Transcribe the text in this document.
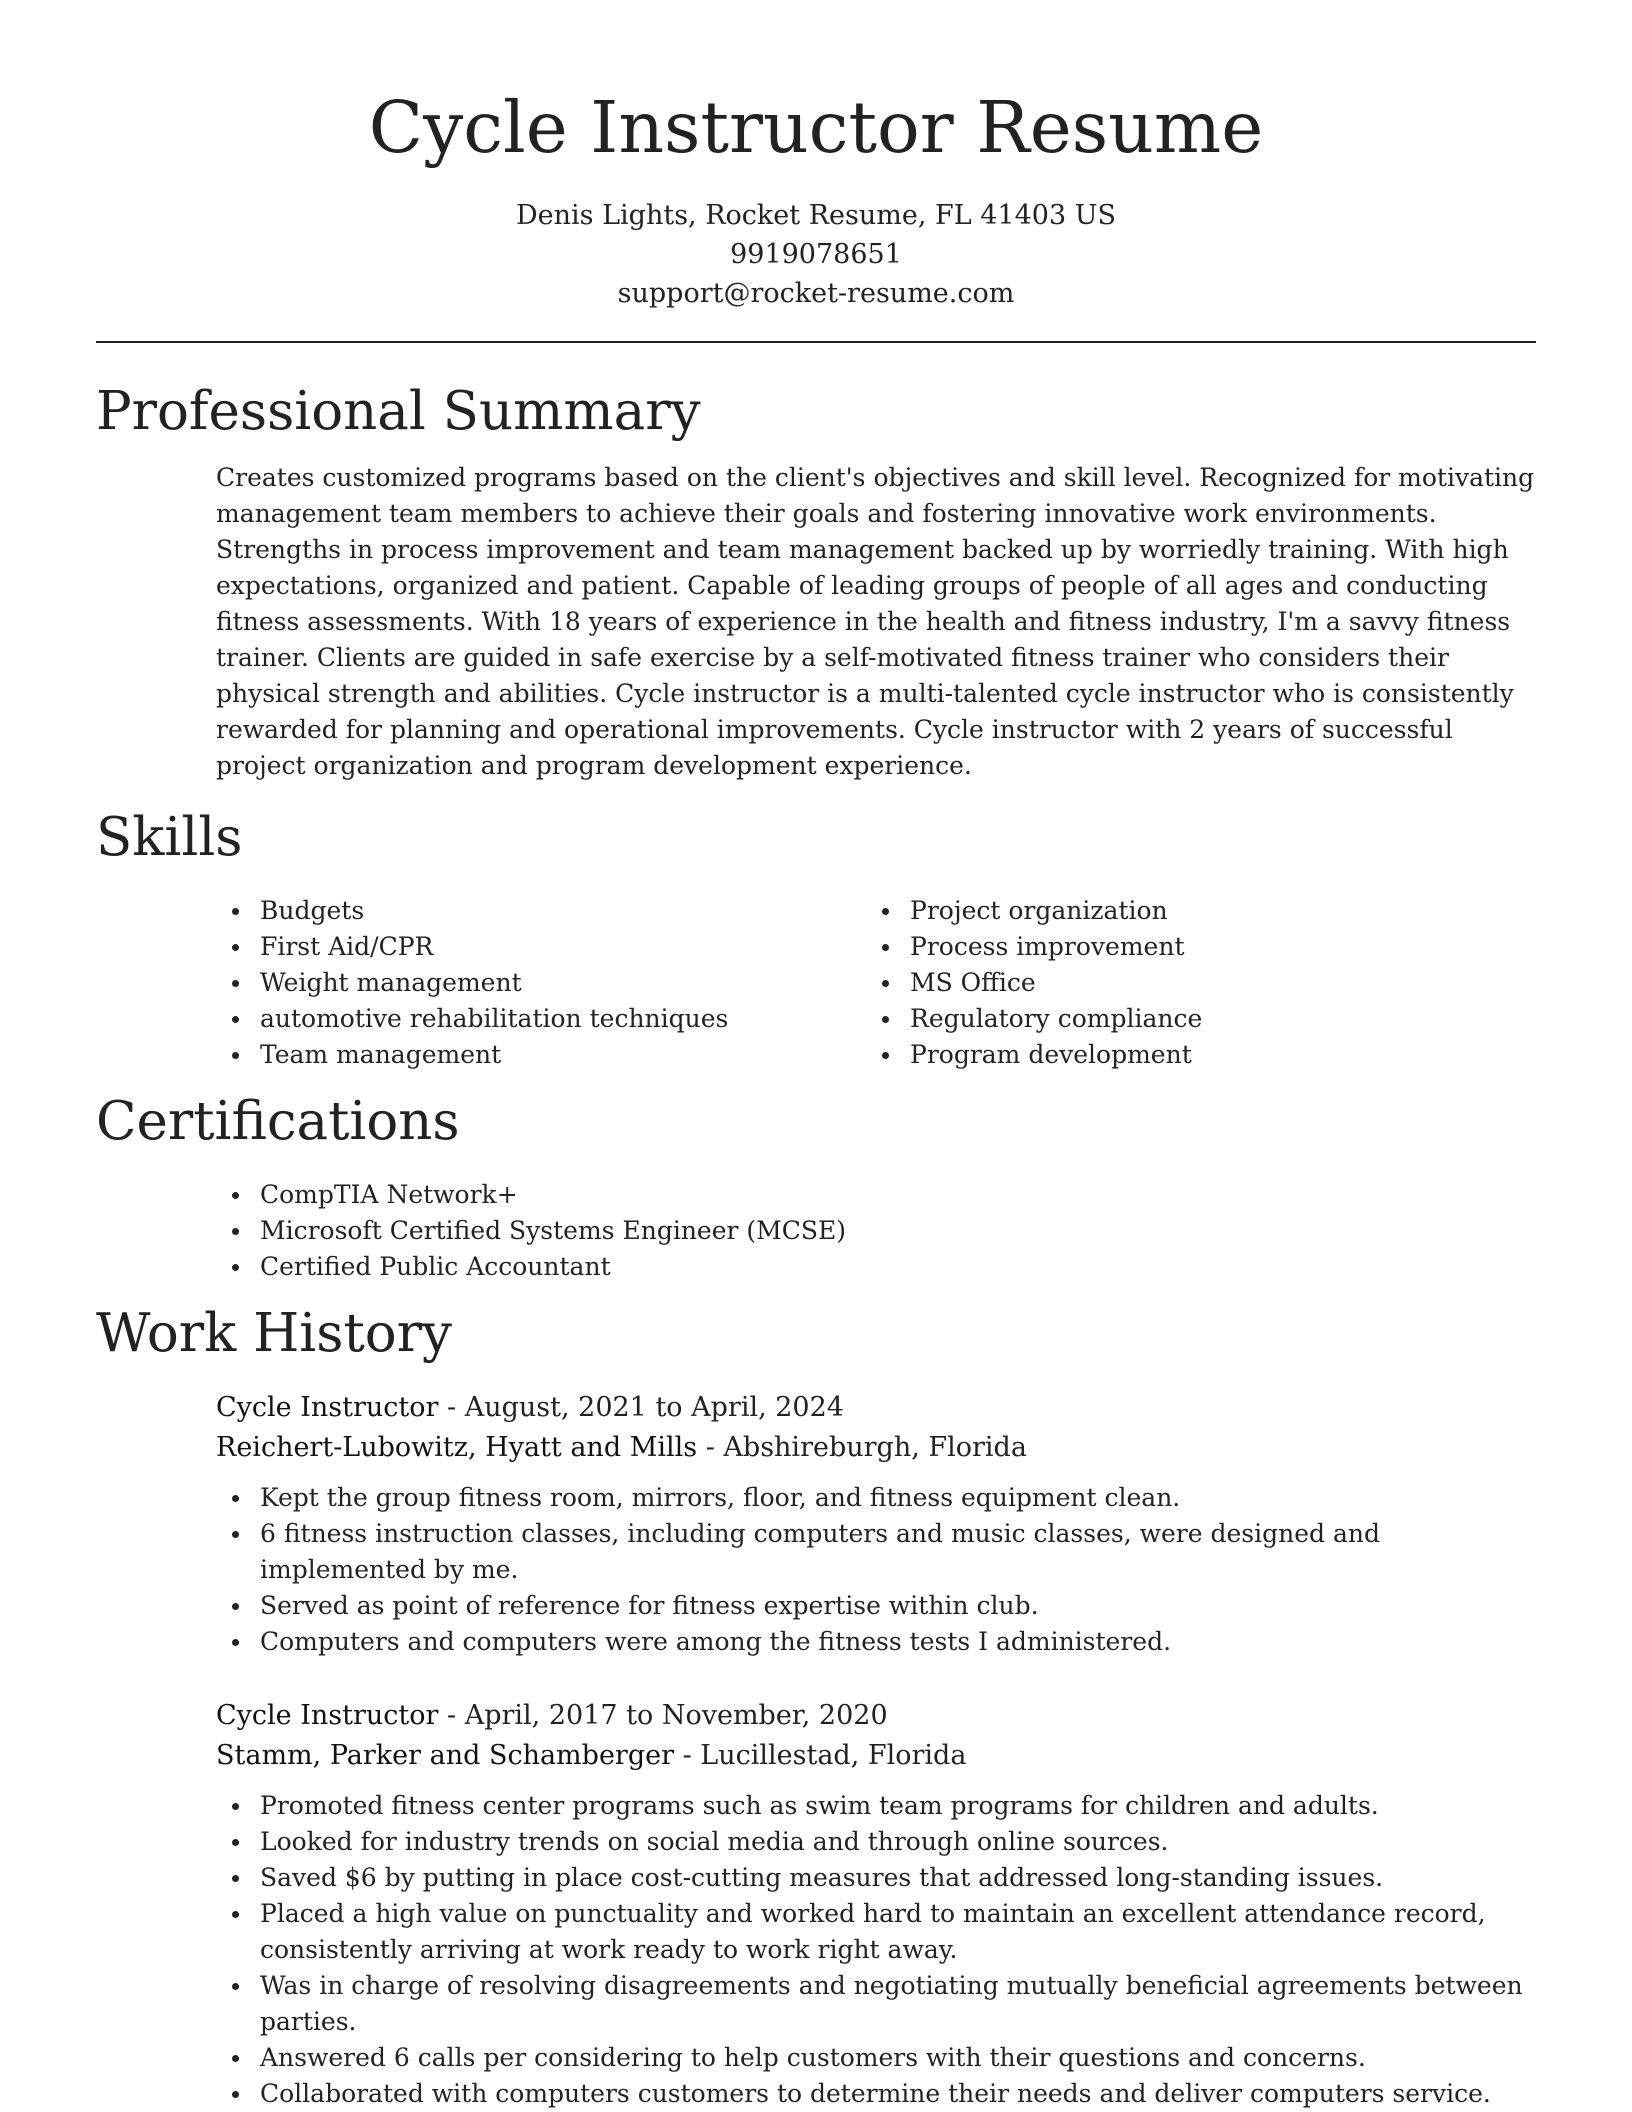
Cycle Instructor Resume
Denis Lights, Rocket Resume, FL 41403 US
9919078651
support@rocket-resume.com
Professional Summary

Creates customized programs based on the client's objectives and skill level. Recognized for motivating management team members to achieve their goals and fostering innovative work environments. Strengths in process improvement and team management backed up by worriedly training. With high expectations, organized and patient. Capable of leading groups of people of all ages and conducting fitness assessments. With 18 years of experience in the health and fitness industry, I'm a savvy fitness trainer. Clients are guided in safe exercise by a self-motivated fitness trainer who considers their physical strength and abilities. Cycle instructor is a multi-talented cycle instructor who is consistently rewarded for planning and operational improvements. Cycle instructor with 2 years of successful project organization and program development experience.

Skills
Budgets
First Aid/CPR
Weight management
automotive rehabilitation techniques
Team management
Project organization
Process improvement
MS Office
Regulatory compliance
Program development
Certifications
CompTIA Network+
Microsoft Certified Systems Engineer (MCSE)
Certified Public Accountant
Work History
Cycle Instructor - August, 2021 to April, 2024
Reichert-Lubowitz, Hyatt and Mills - Abshireburgh, Florida
Kept the group fitness room, mirrors, floor, and fitness equipment clean.
6 fitness instruction classes, including computers and music classes, were designed and implemented by me.
Served as point of reference for fitness expertise within club.
Computers and computers were among the fitness tests I administered.
Cycle Instructor - April, 2017 to November, 2020
Stamm, Parker and Schamberger - Lucillestad, Florida
Promoted fitness center programs such as swim team programs for children and adults.
Looked for industry trends on social media and through online sources.
Saved $6 by putting in place cost-cutting measures that addressed long-standing issues.
Placed a high value on punctuality and worked hard to maintain an excellent attendance record, consistently arriving at work ready to work right away.
Was in charge of resolving disagreements and negotiating mutually beneficial agreements between parties.
Answered 6 calls per considering to help customers with their questions and concerns.
Collaborated with computers customers to determine their needs and deliver computers service.
